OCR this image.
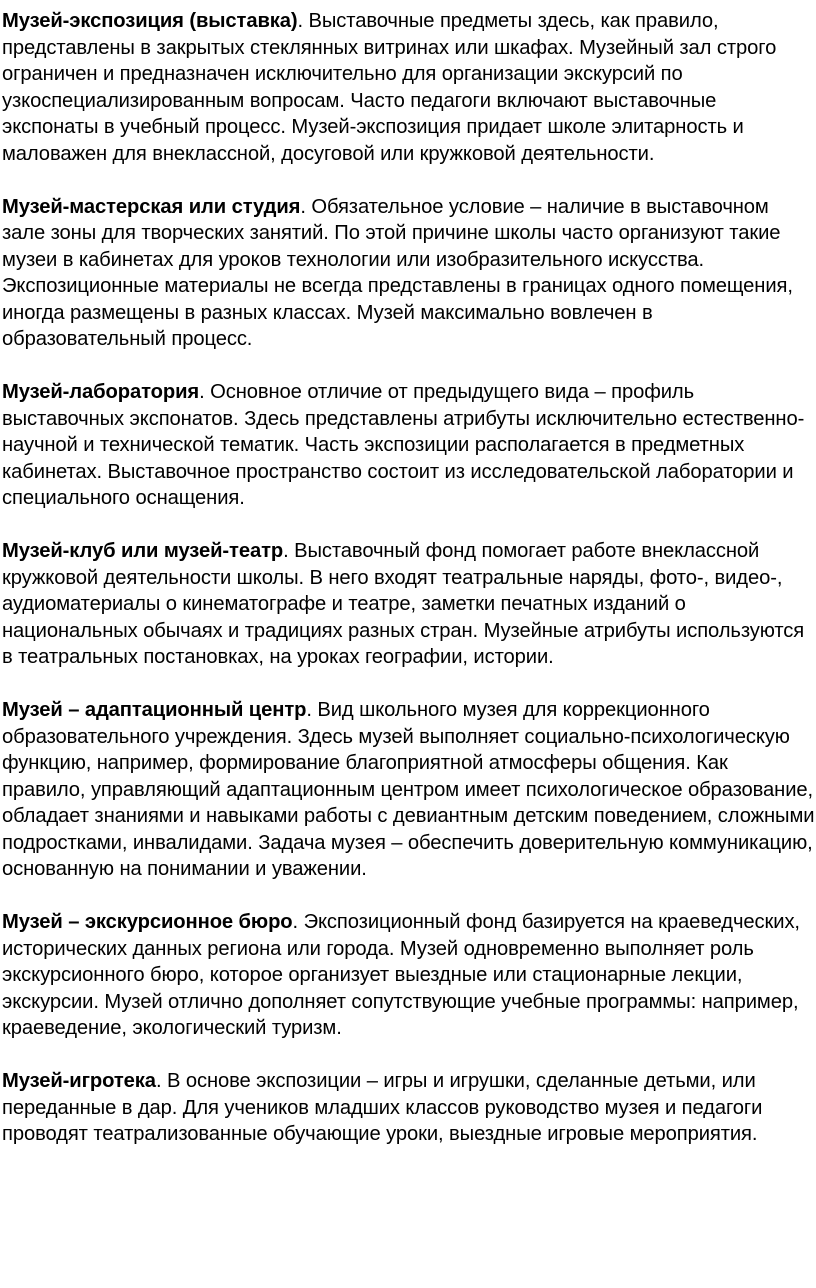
Музей-экспозиция (выставка). Выставочные предметы здесь, как правило, представлены в закрытых стеклянных витринах или шкафах. Музейный зал строго ограничен и предназначен исключительно для организации экскурсий по узкоспециализированным вопросам. Часто педагоги включают выставочные экспонаты в учебный процесс. Музей-экспозиция придает школе элитарность и маловажен для внеклассной, досуговой или кружковой деятельности.

Музей-мастерская или студия. Обязательное условие – наличие в выставочном зале зоны для творческих занятий. По этой причине школы часто организуют такие музеи в кабинетах для уроков технологии или изобразительного искусства. Экспозиционные материалы не всегда представлены в границах одного помещения, иногда размещены в разных классах. Музей максимально вовлечен в образовательный процесс.

Музей-лаборатория. Основное отличие от предыдущего вида – профиль выставочных экспонатов. Здесь представлены атрибуты исключительно естественно-научной и технической тематик. Часть экспозиции располагается в предметных кабинетах. Выставочное пространство состоит из исследовательской лаборатории и специального оснащения.

Музей-клуб или музей-театр. Выставочный фонд помогает работе внеклассной кружковой деятельности школы. В него входят театральные наряды, фото-, видео-, аудиоматериалы о кинематографе и театре, заметки печатных изданий о национальных обычаях и традициях разных стран. Музейные атрибуты используются в театральных постановках, на уроках географии, истории.

Музей – адаптационный центр. Вид школьного музея для коррекционного образовательного учреждения. Здесь музей выполняет социально-психологическую функцию, например, формирование благоприятной атмосферы общения. Как правило, управляющий адаптационным центром имеет психологическое образование, обладает знаниями и навыками работы с девиантным детским поведением, сложными подростками, инвалидами. Задача музея – обеспечить доверительную коммуникацию, основанную на понимании и уважении.

Музей – экскурсионное бюро. Экспозиционный фонд базируется на краеведческих, исторических данных региона или города. Музей одновременно выполняет роль экскурсионного бюро, которое организует выездные или стационарные лекции, экскурсии. Музей отлично дополняет сопутствующие учебные программы: например, краеведение, экологический туризм.

Музей-игротека. В основе экспозиции – игры и игрушки, сделанные детьми, или переданные в дар. Для учеников младших классов руководство музея и педагоги проводят театрализованные обучающие уроки, выездные игровые мероприятия.
